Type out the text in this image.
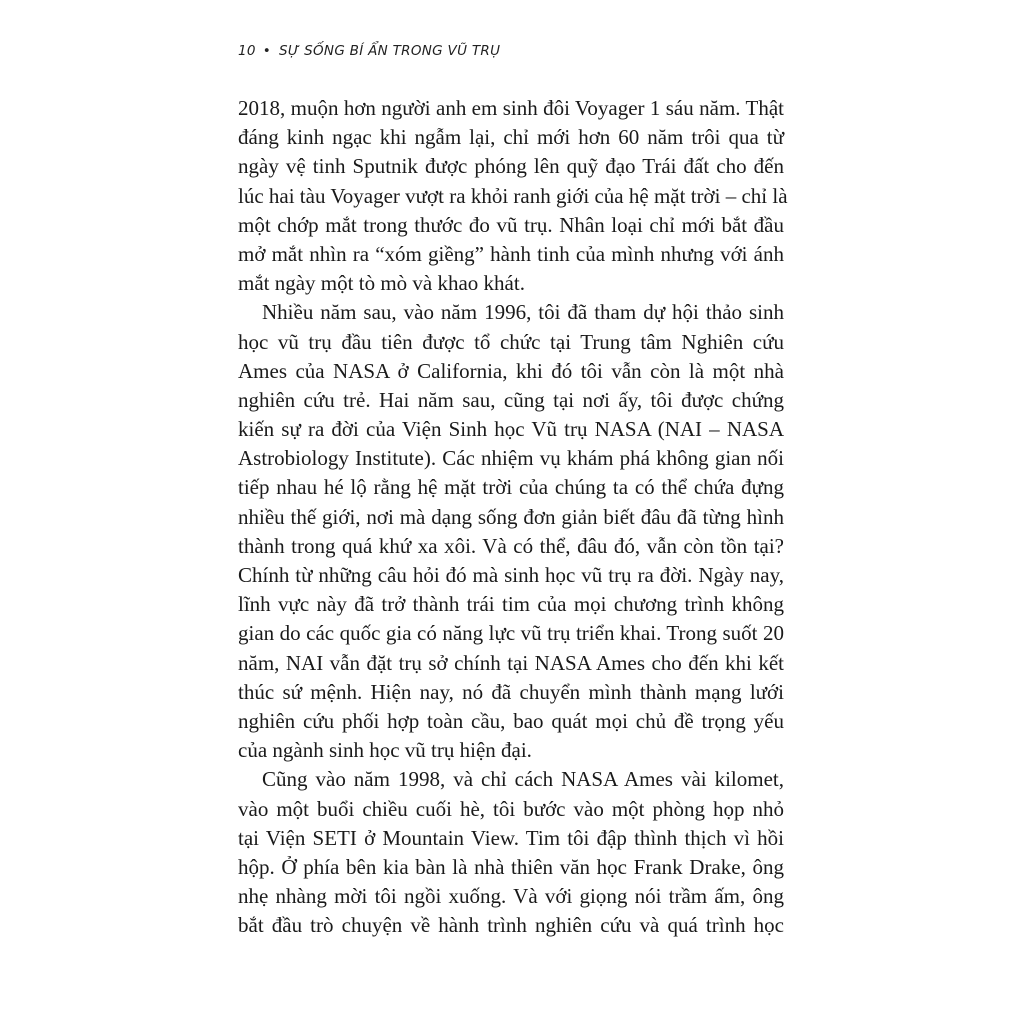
10 • SỰ SỐNG BÍ ẨN TRONG VŨ TRỤ
2018, muộn hơn người anh em sinh đôi Voyager 1 sáu năm. Thật
đáng kinh ngạc khi ngẫm lại, chỉ mới hơn 60 năm trôi qua từ
ngày vệ tinh Sputnik được phóng lên quỹ đạo Trái đất cho đến
lúc hai tàu Voyager vượt ra khỏi ranh giới của hệ mặt trời – chỉ là
một chớp mắt trong thước đo vũ trụ. Nhân loại chỉ mới bắt đầu
mở mắt nhìn ra “xóm giềng” hành tinh của mình nhưng với ánh
mắt ngày một tò mò và khao khát.
Nhiều năm sau, vào năm 1996, tôi đã tham dự hội thảo sinh
học vũ trụ đầu tiên được tổ chức tại Trung tâm Nghiên cứu
Ames của NASA ở California, khi đó tôi vẫn còn là một nhà
nghiên cứu trẻ. Hai năm sau, cũng tại nơi ấy, tôi được chứng
kiến sự ra đời của Viện Sinh học Vũ trụ NASA (NAI – NASA
Astrobiology Institute). Các nhiệm vụ khám phá không gian nối
tiếp nhau hé lộ rằng hệ mặt trời của chúng ta có thể chứa đựng
nhiều thế giới, nơi mà dạng sống đơn giản biết đâu đã từng hình
thành trong quá khứ xa xôi. Và có thể, đâu đó, vẫn còn tồn tại?
Chính từ những câu hỏi đó mà sinh học vũ trụ ra đời. Ngày nay,
lĩnh vực này đã trở thành trái tim của mọi chương trình không
gian do các quốc gia có năng lực vũ trụ triển khai. Trong suốt 20
năm, NAI vẫn đặt trụ sở chính tại NASA Ames cho đến khi kết
thúc sứ mệnh. Hiện nay, nó đã chuyển mình thành mạng lưới
nghiên cứu phối hợp toàn cầu, bao quát mọi chủ đề trọng yếu
của ngành sinh học vũ trụ hiện đại.
Cũng vào năm 1998, và chỉ cách NASA Ames vài kilomet,
vào một buổi chiều cuối hè, tôi bước vào một phòng họp nhỏ
tại Viện SETI ở Mountain View. Tim tôi đập thình thịch vì hồi
hộp. Ở phía bên kia bàn là nhà thiên văn học Frank Drake, ông
nhẹ nhàng mời tôi ngồi xuống. Và với giọng nói trầm ấm, ông
bắt đầu trò chuyện về hành trình nghiên cứu và quá trình học
